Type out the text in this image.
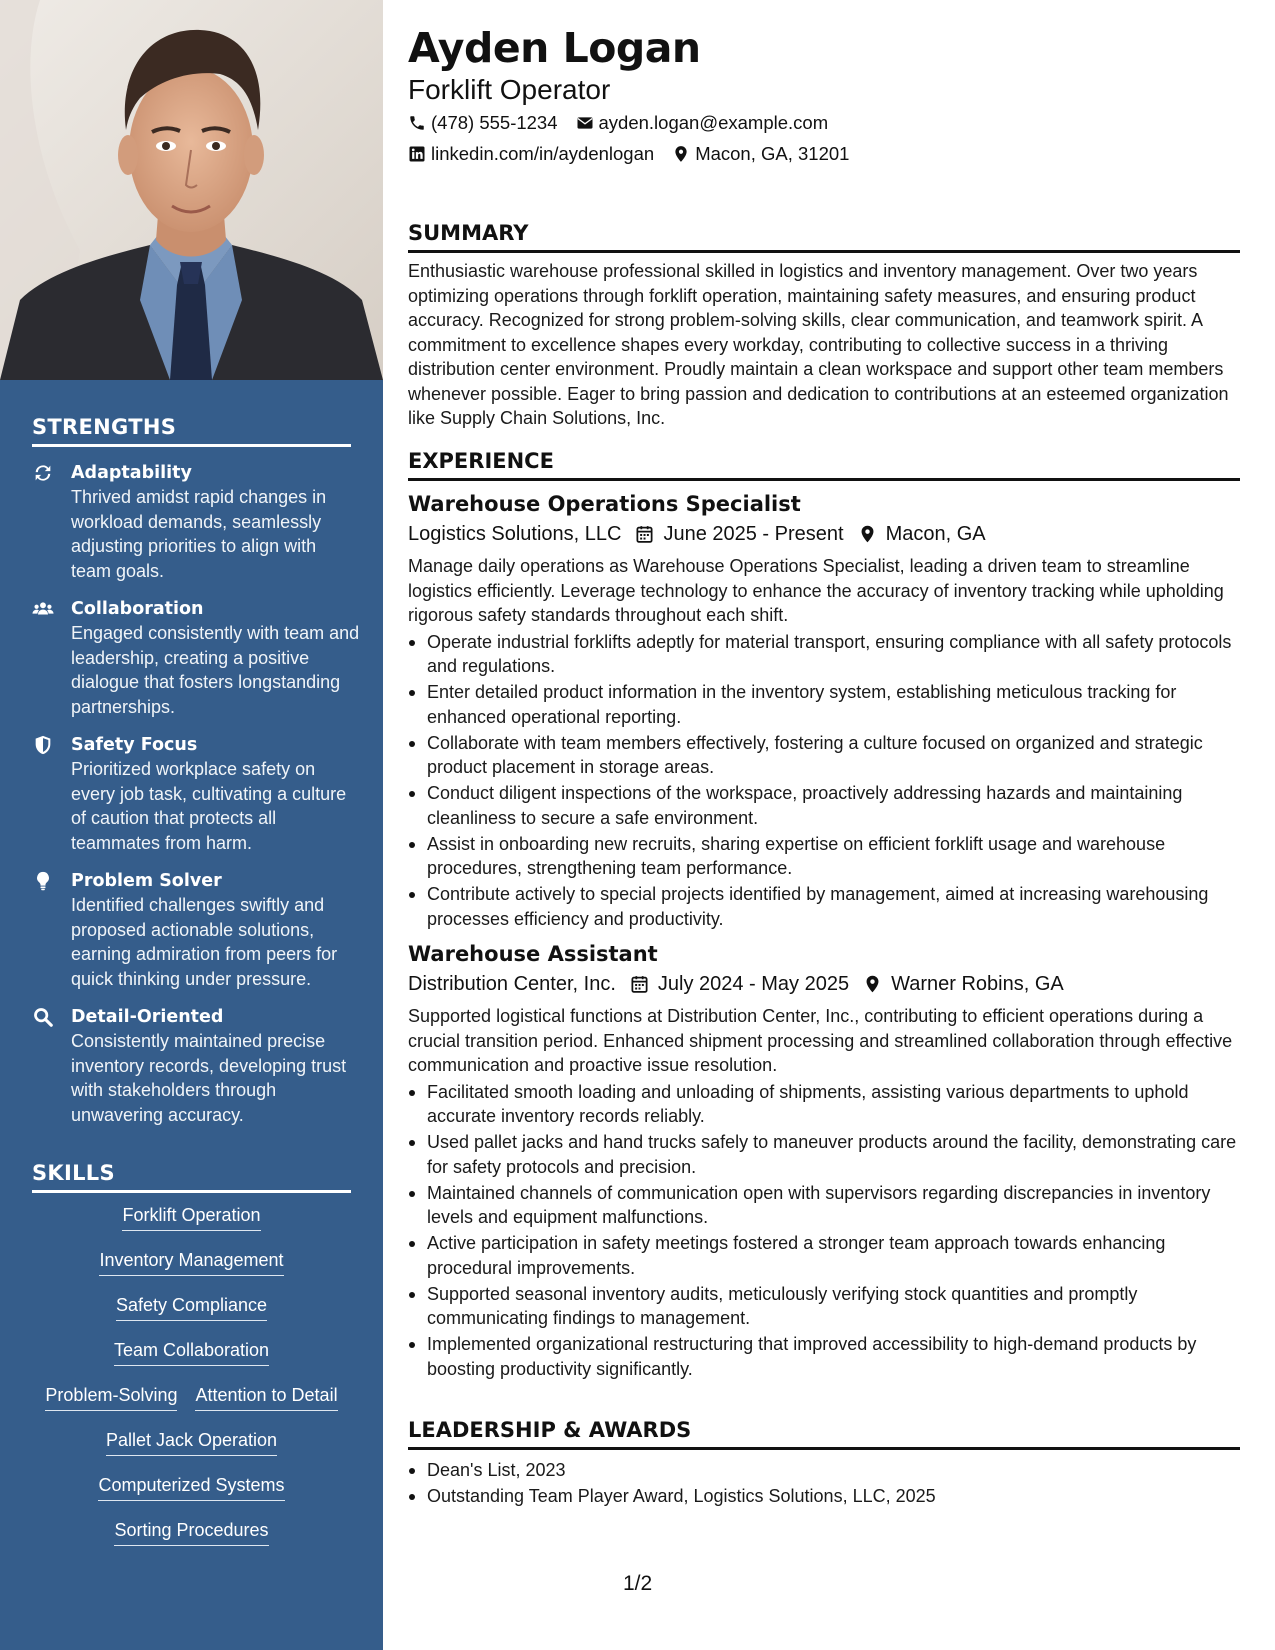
STRENGTHS
Adaptability
Thrived amidst rapid changes in workload demands, seamlessly adjusting priorities to align with team goals.
Collaboration
Engaged consistently with team and leadership, creating a positive dialogue that fosters longstanding partnerships.
Safety Focus
Prioritized workplace safety on every job task, cultivating a culture of caution that protects all teammates from harm.
Problem Solver
Identified challenges swiftly and proposed actionable solutions, earning admiration from peers for quick thinking under pressure.
Detail-Oriented
Consistently maintained precise inventory records, developing trust with stakeholders through unwavering accuracy.
SKILLS
Forklift Operation
Inventory Management
Safety Compliance
Team Collaboration
Problem-Solving Attention to Detail
Pallet Jack Operation
Computerized Systems
Sorting Procedures
Ayden Logan
Forklift Operator
(478) 555-1234 ayden.logan@example.com
linkedin.com/in/aydenlogan Macon, GA, 31201
SUMMARY

Enthusiastic warehouse professional skilled in logistics and inventory management. Over two years optimizing operations through forklift operation, maintaining safety measures, and ensuring product accuracy. Recognized for strong problem-solving skills, clear communication, and teamwork spirit. A commitment to excellence shapes every workday, contributing to collective success in a thriving distribution center environment. Proudly maintain a clean workspace and support other team members whenever possible. Eager to bring passion and dedication to contributions at an esteemed organization like Supply Chain Solutions, Inc.

EXPERIENCE
Warehouse Operations Specialist
Logistics Solutions, LLC June 2025 - Present Macon, GA

Manage daily operations as Warehouse Operations Specialist, leading a driven team to streamline logistics efficiently. Leverage technology to enhance the accuracy of inventory tracking while upholding rigorous safety standards throughout each shift.

Operate industrial forklifts adeptly for material transport, ensuring compliance with all safety protocols and regulations.
Enter detailed product information in the inventory system, establishing meticulous tracking for enhanced operational reporting.
Collaborate with team members effectively, fostering a culture focused on organized and strategic product placement in storage areas.
Conduct diligent inspections of the workspace, proactively addressing hazards and maintaining cleanliness to secure a safe environment.
Assist in onboarding new recruits, sharing expertise on efficient forklift usage and warehouse procedures, strengthening team performance.
Contribute actively to special projects identified by management, aimed at increasing warehousing processes efficiency and productivity.
Warehouse Assistant
Distribution Center, Inc. July 2024 - May 2025 Warner Robins, GA

Supported logistical functions at Distribution Center, Inc., contributing to efficient operations during a crucial transition period. Enhanced shipment processing and streamlined collaboration through effective communication and proactive issue resolution.

Facilitated smooth loading and unloading of shipments, assisting various departments to uphold accurate inventory records reliably.
Used pallet jacks and hand trucks safely to maneuver products around the facility, demonstrating care for safety protocols and precision.
Maintained channels of communication open with supervisors regarding discrepancies in inventory levels and equipment malfunctions.
Active participation in safety meetings fostered a stronger team approach towards enhancing procedural improvements.
Supported seasonal inventory audits, meticulously verifying stock quantities and promptly communicating findings to management.
Implemented organizational restructuring that improved accessibility to high-demand products by boosting productivity significantly.
LEADERSHIP & AWARDS
Dean's List, 2023
Outstanding Team Player Award, Logistics Solutions, LLC, 2025
1/2
